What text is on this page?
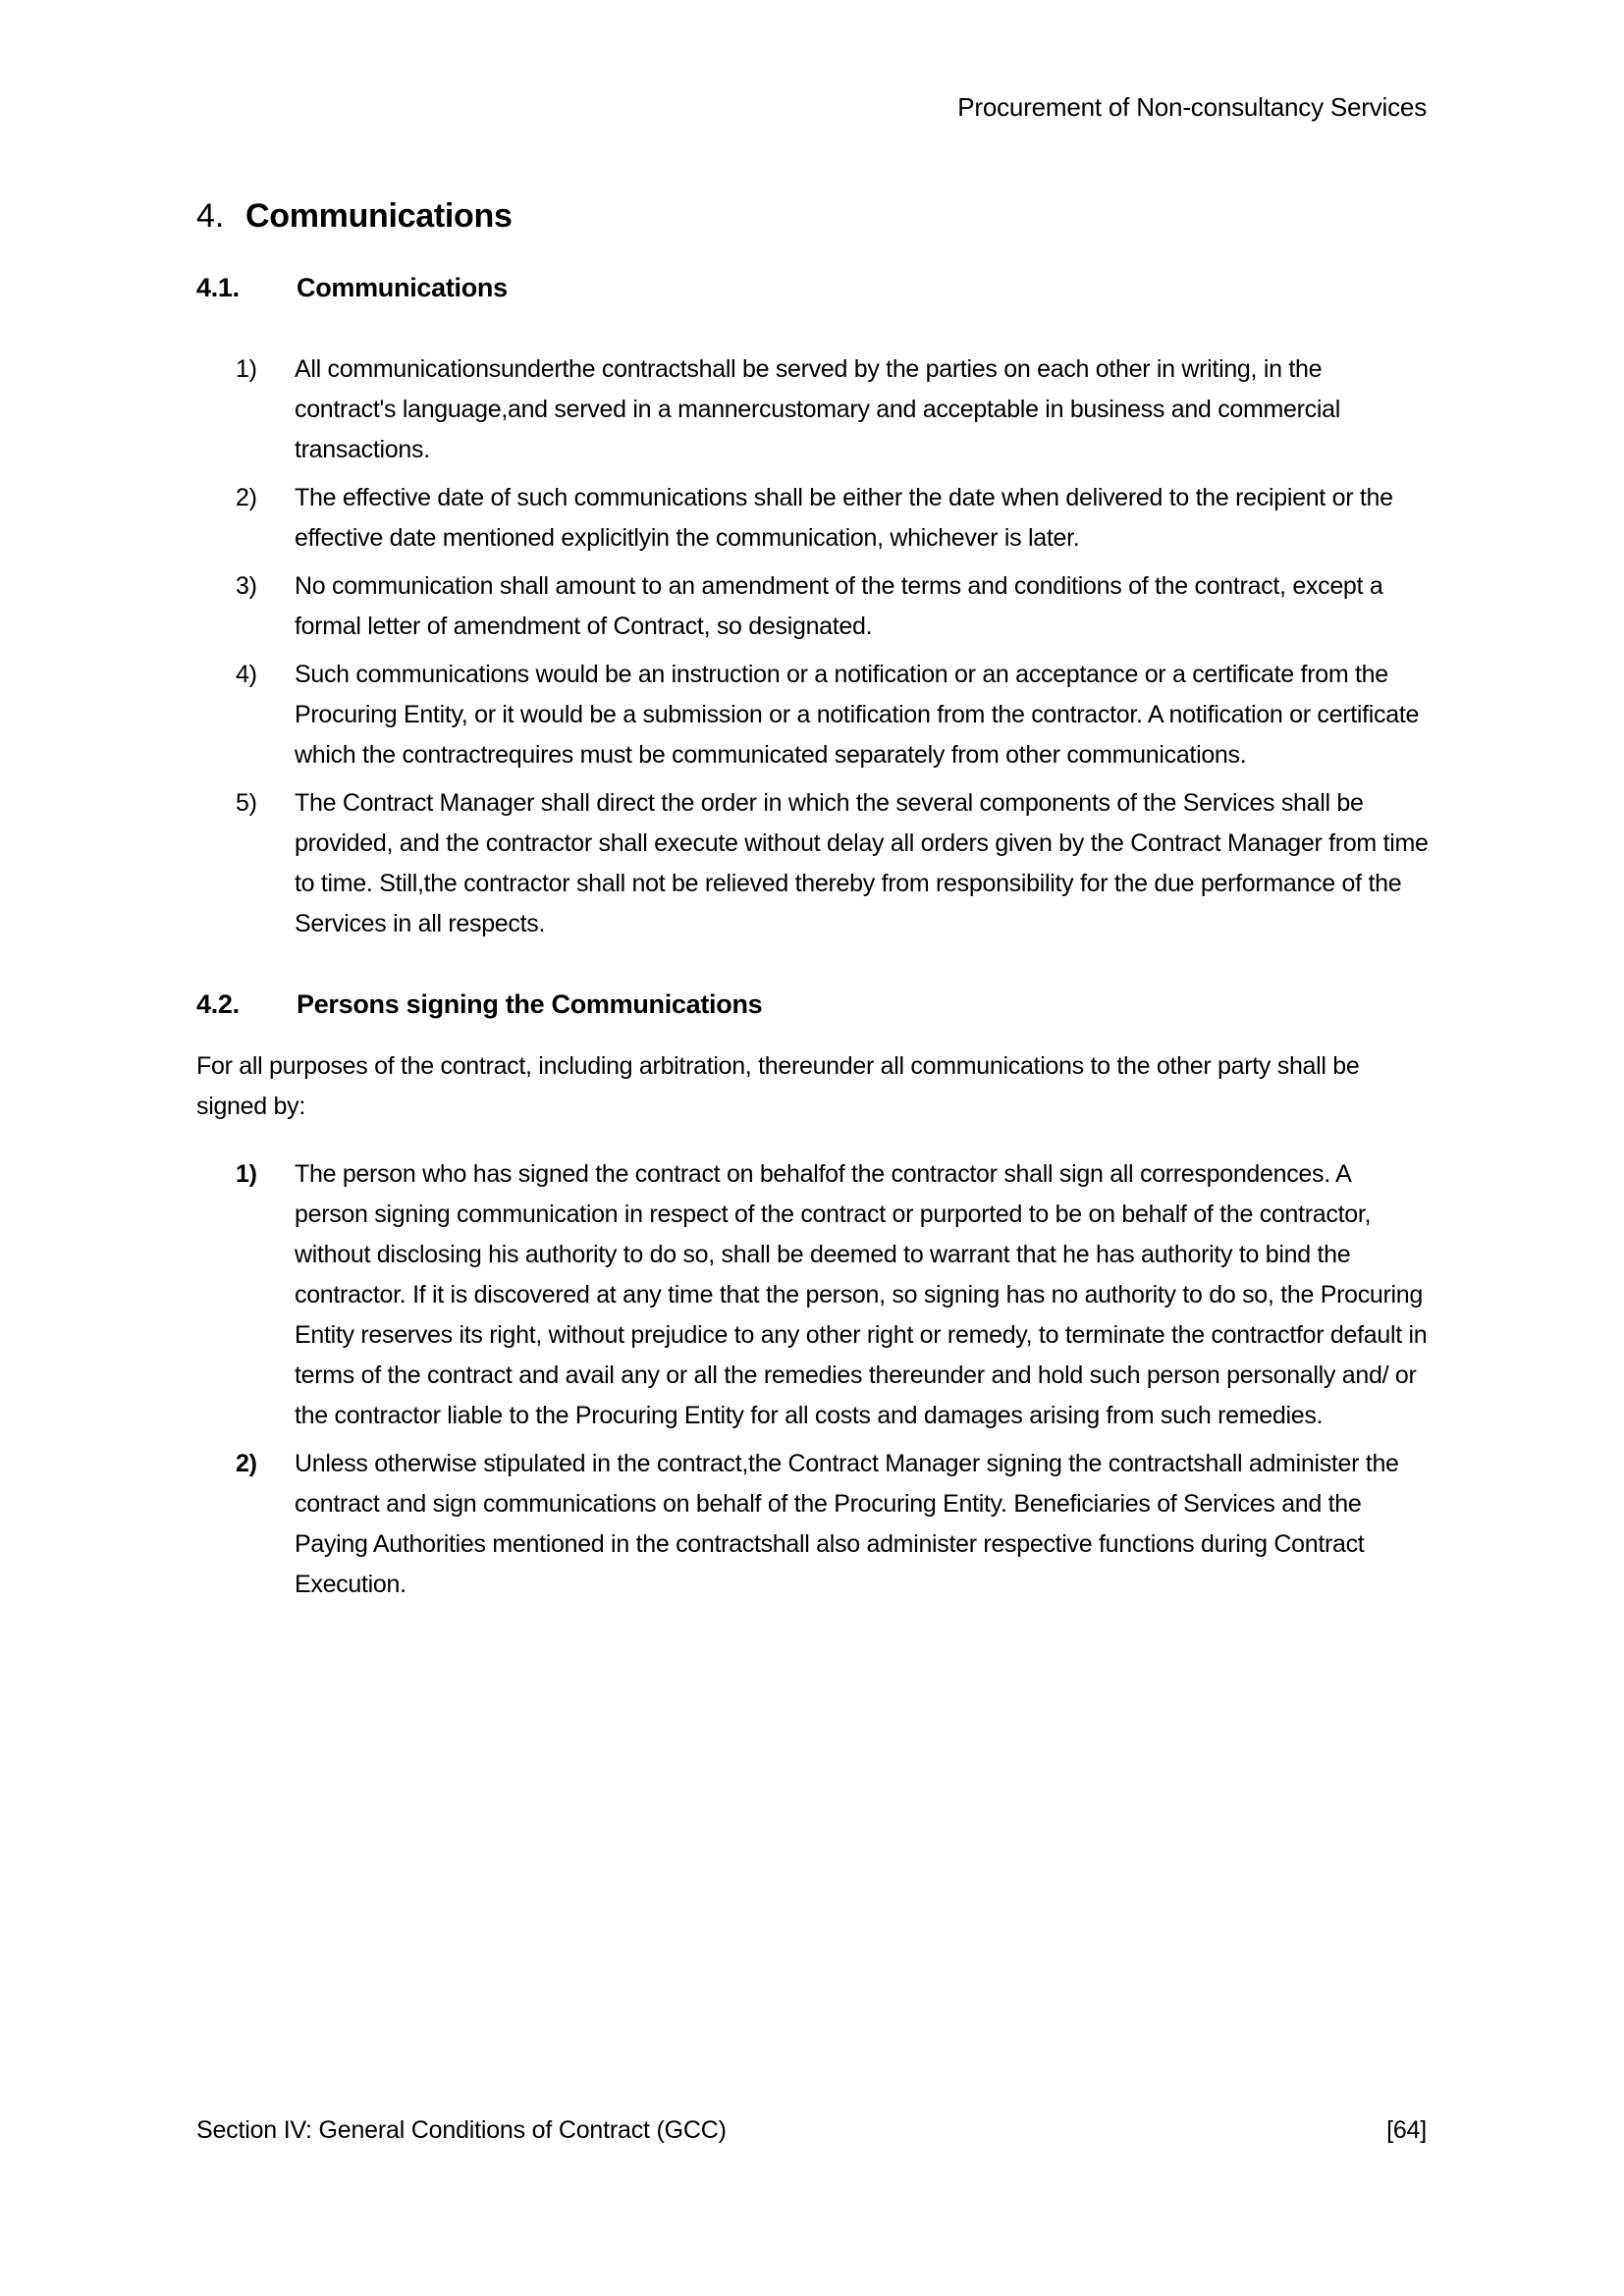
Procurement of Non-consultancy Services
4. Communications
4.1.	Communications
1)	All communicationsunderthe contractshall be served by the parties on each other in writing, in the contract's language,and served in a mannercustomary and acceptable in business and commercial transactions.
2)	The effective date of such communications shall be either the date when delivered to the recipient or the effective date mentioned explicitlyin the communication, whichever is later.
3)	No communication shall amount to an amendment of the terms and conditions of the contract, except a formal letter of amendment of Contract, so designated.
4)	Such communications would be an instruction or a notification or an acceptance or a certificate from the Procuring Entity, or it would be a submission or a notification from the contractor. A notification or certificate which the contractrequires must be communicated separately from other communications.
5)	The Contract Manager shall direct the order in which the several components of the Services shall be provided, and the contractor shall execute without delay all orders given by the Contract Manager from time to time. Still,the contractor shall not be relieved thereby from responsibility for the due performance of the Services in all respects.
4.2.	Persons signing the Communications

For all purposes of the contract, including arbitration, thereunder all communications to the other party shall be signed by:

1)	The person who has signed the contract on behalfof the contractor shall sign all correspondences. A person signing communication in respect of the contract or purported to be on behalf of the contractor, without disclosing his authority to do so, shall be deemed to warrant that he has authority to bind the contractor. If it is discovered at any time that the person, so signing has no authority to do so, the Procuring Entity reserves its right, without prejudice to any other right or remedy, to terminate the contractfor default in terms of the contract and avail any or all the remedies thereunder and hold such person personally and/ or the contractor liable to the Procuring Entity for all costs and damages arising from such remedies.
2)	Unless otherwise stipulated in the contract,the Contract Manager signing the contractshall administer the contract and sign communications on behalf of the Procuring Entity. Beneficiaries of Services and the Paying Authorities mentioned in the contractshall also administer respective functions during Contract Execution.
Section IV: General Conditions of Contract (GCC)	[64]
